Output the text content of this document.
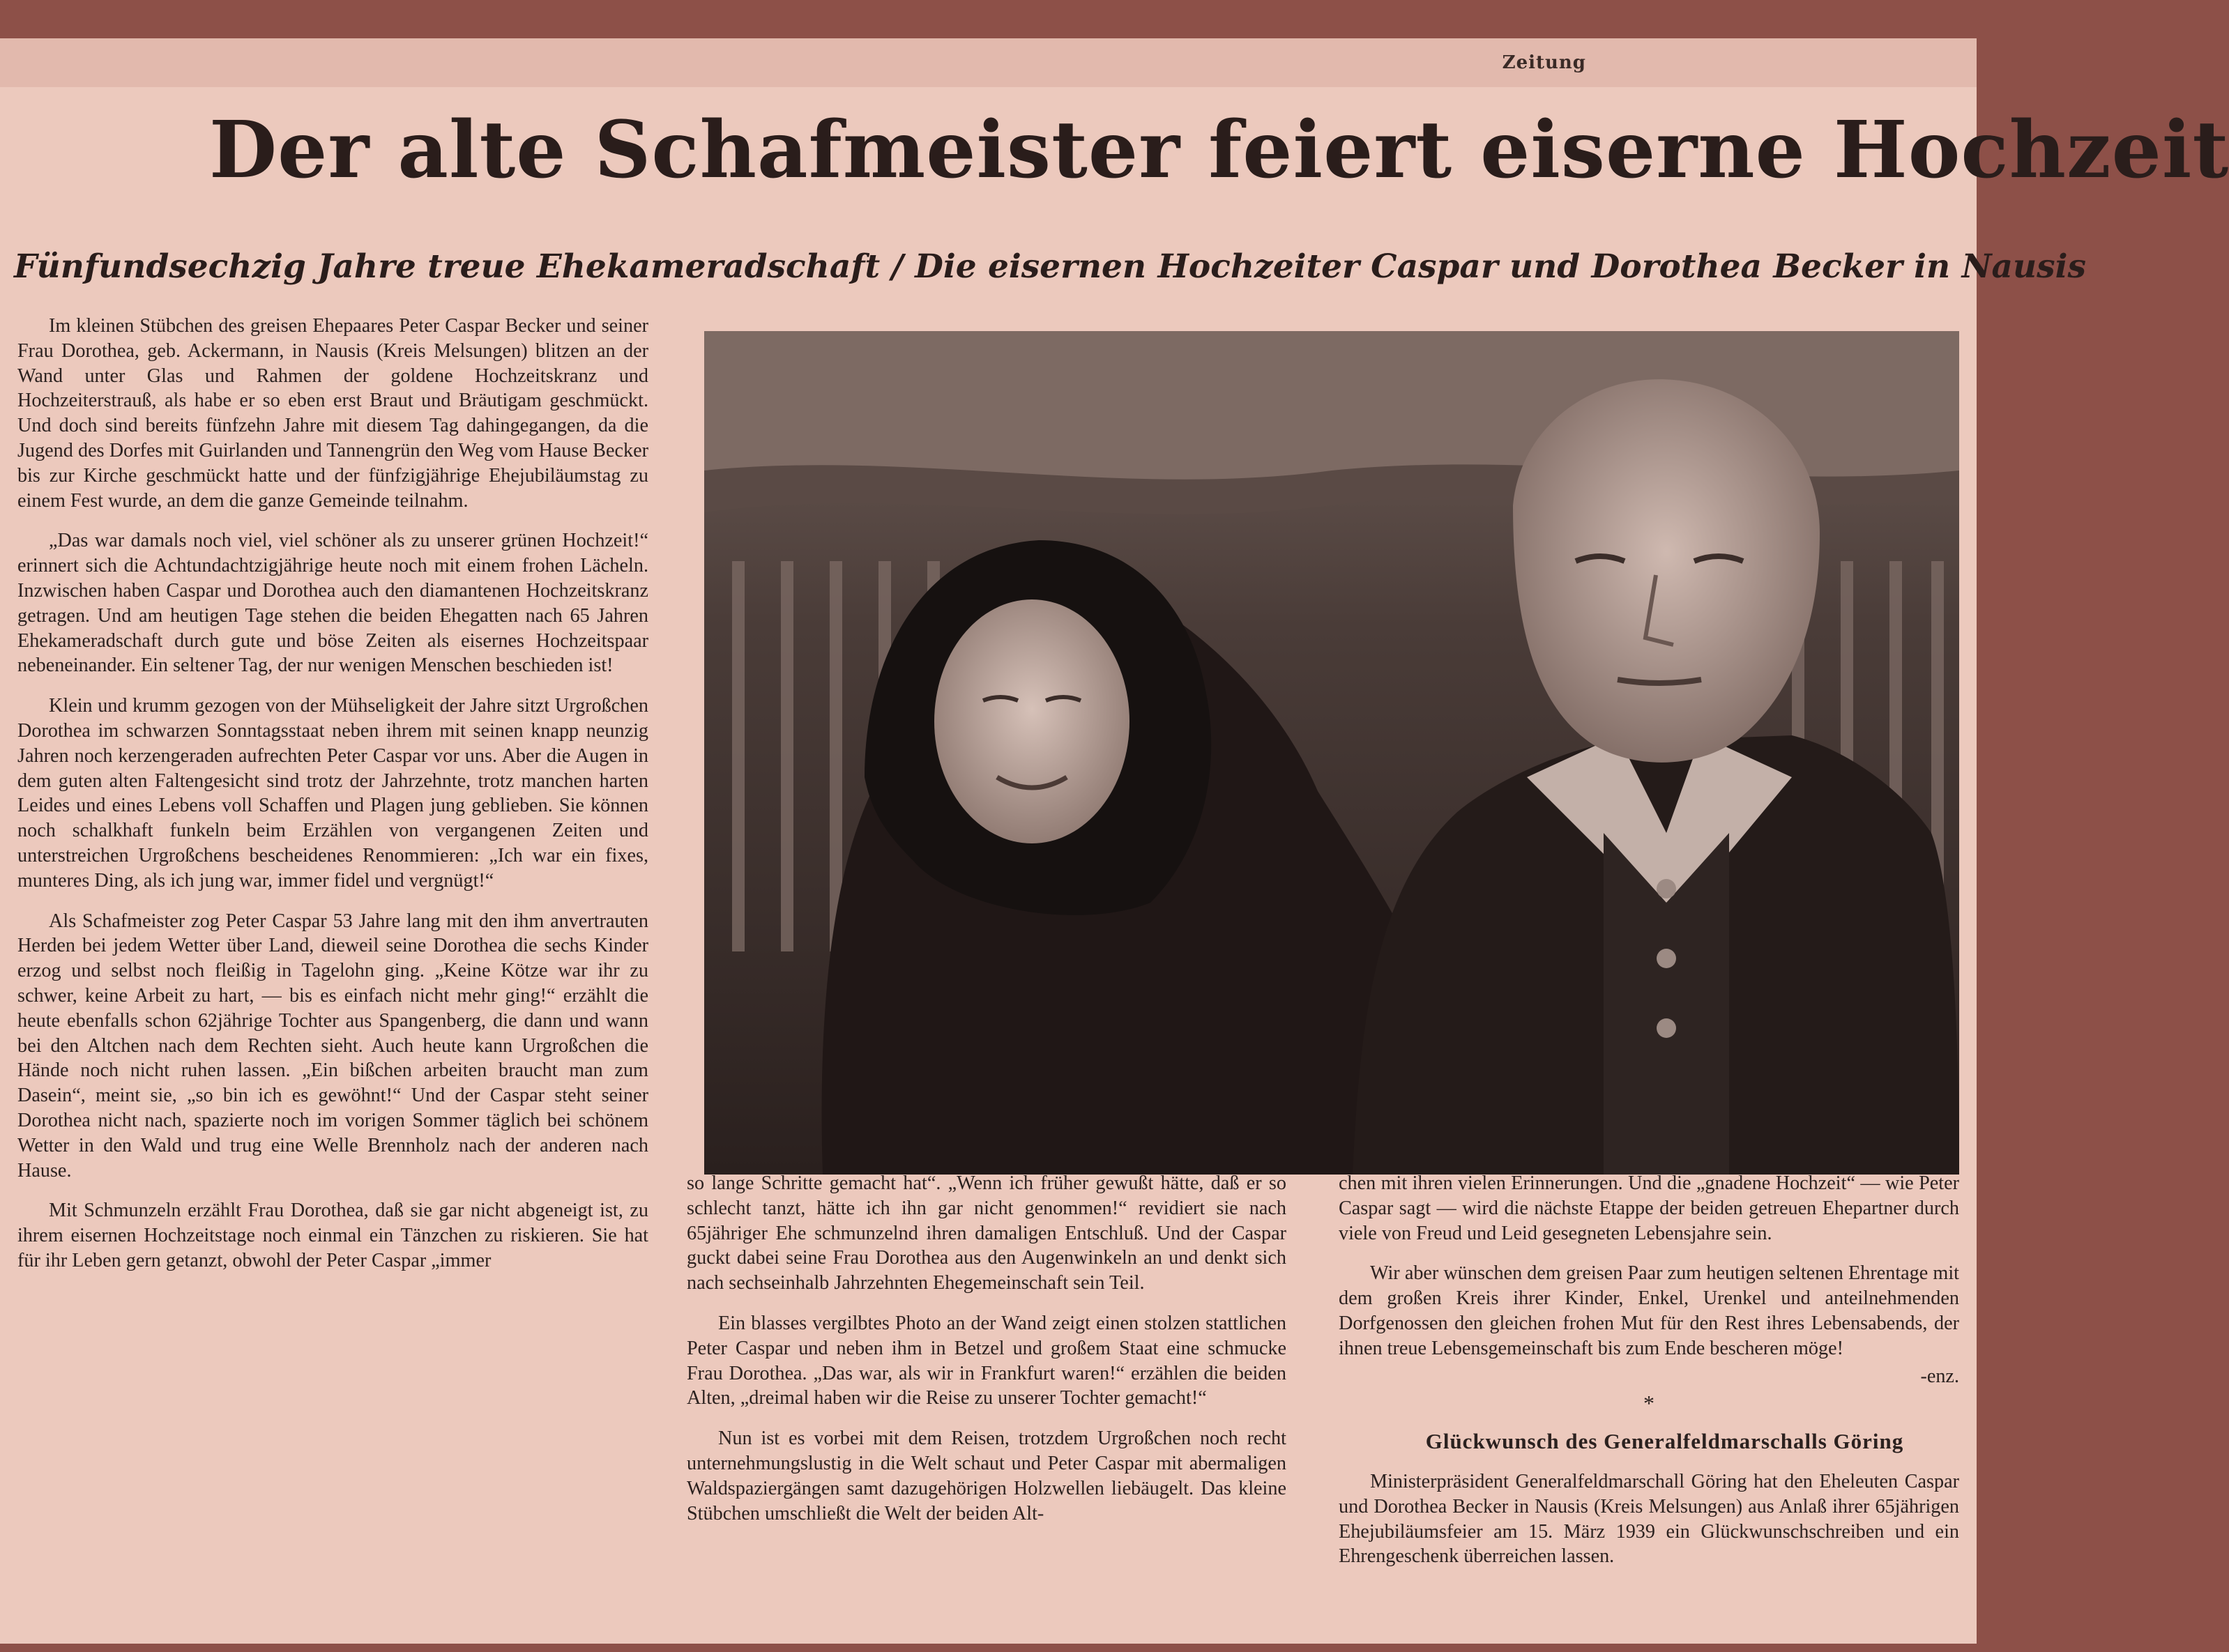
Zeitung
Der alte Schafmeister feiert eiserne Hochzeit
Fünfundsechzig Jahre treue Ehekameradschaft / Die eisernen Hochzeiter Caspar und Dorothea Becker in Nausis

Im kleinen Stübchen des greisen Ehepaares Peter Caspar Becker und seiner Frau Dorothea, geb. Ackermann, in Nausis (Kreis Melsungen) blitzen an der Wand unter Glas und Rahmen der goldene Hochzeitskranz und Hochzeiterstrauß, als habe er so eben erst Braut und Bräutigam geschmückt. Und doch sind bereits fünfzehn Jahre mit diesem Tag dahingegangen, da die Jugend des Dorfes mit Guirlanden und Tannengrün den Weg vom Hause Becker bis zur Kirche geschmückt hatte und der fünfzigjährige Ehejubiläumstag zu einem Fest wurde, an dem die ganze Gemeinde teilnahm.

„Das war damals noch viel, viel schöner als zu unserer grünen Hochzeit!“ erinnert sich die Achtundachtzigjährige heute noch mit einem frohen Lächeln. Inzwischen haben Caspar und Dorothea auch den diamantenen Hochzeitskranz getragen. Und am heutigen Tage stehen die beiden Ehegatten nach 65 Jahren Ehekameradschaft durch gute und böse Zeiten als eisernes Hochzeitspaar nebeneinander. Ein seltener Tag, der nur wenigen Menschen beschieden ist!

Klein und krumm gezogen von der Mühseligkeit der Jahre sitzt Urgroßchen Dorothea im schwarzen Sonntagsstaat neben ihrem mit seinen knapp neunzig Jahren noch kerzengeraden aufrechten Peter Caspar vor uns. Aber die Augen in dem guten alten Faltengesicht sind trotz der Jahrzehnte, trotz manchen harten Leides und eines Lebens voll Schaffen und Plagen jung geblieben. Sie können noch schalkhaft funkeln beim Erzählen von vergangenen Zeiten und unterstreichen Urgroßchens bescheidenes Renommieren: „Ich war ein fixes, munteres Ding, als ich jung war, immer fidel und vergnügt!“

Als Schafmeister zog Peter Caspar 53 Jahre lang mit den ihm anvertrauten Herden bei jedem Wetter über Land, dieweil seine Dorothea die sechs Kinder erzog und selbst noch fleißig in Tagelohn ging. „Keine Kötze war ihr zu schwer, keine Arbeit zu hart, — bis es einfach nicht mehr ging!“ erzählt die heute ebenfalls schon 62jährige Tochter aus Spangenberg, die dann und wann bei den Altchen nach dem Rechten sieht. Auch heute kann Urgroßchen die Hände noch nicht ruhen lassen. „Ein bißchen arbeiten braucht man zum Dasein“, meint sie, „so bin ich es gewöhnt!“ Und der Caspar steht seiner Dorothea nicht nach, spazierte noch im vorigen Sommer täglich bei schönem Wetter in den Wald und trug eine Welle Brennholz nach der anderen nach Hause.

Mit Schmunzeln erzählt Frau Dorothea, daß sie gar nicht abgeneigt ist, zu ihrem eisernen Hochzeitstage noch einmal ein Tänzchen zu riskieren. Sie hat für ihr Leben gern getanzt, obwohl der Peter Caspar „immer

so lange Schritte gemacht hat“. „Wenn ich früher gewußt hätte, daß er so schlecht tanzt, hätte ich ihn gar nicht genommen!“ revidiert sie nach 65jähriger Ehe schmunzelnd ihren damaligen Entschluß. Und der Caspar guckt dabei seine Frau Dorothea aus den Augenwinkeln an und denkt sich nach sechseinhalb Jahrzehnten Ehegemeinschaft sein Teil.

Ein blasses vergilbtes Photo an der Wand zeigt einen stolzen stattlichen Peter Caspar und neben ihm in Betzel und großem Staat eine schmucke Frau Dorothea. „Das war, als wir in Frankfurt waren!“ erzählen die beiden Alten, „dreimal haben wir die Reise zu unserer Tochter gemacht!“

Nun ist es vorbei mit dem Reisen, trotzdem Urgroßchen noch recht unternehmungslustig in die Welt schaut und Peter Caspar mit abermaligen Waldspaziergängen samt dazugehörigen Holzwellen liebäugelt. Das kleine Stübchen umschließt die Welt der beiden Alt-

chen mit ihren vielen Erinnerungen. Und die „gnadene Hochzeit“ — wie Peter Caspar sagt — wird die nächste Etappe der beiden getreuen Ehepartner durch viele von Freud und Leid gesegneten Lebensjahre sein.

Wir aber wünschen dem greisen Paar zum heutigen seltenen Ehrentage mit dem großen Kreis ihrer Kinder, Enkel, Urenkel und anteilnehmenden Dorfgenossen den gleichen frohen Mut für den Rest ihres Lebensabends, der ihnen treue Lebensgemeinschaft bis zum Ende bescheren möge!

-enz.
*

Glückwunsch des Generalfeldmarschalls Göring

Ministerpräsident Generalfeldmarschall Göring hat den Eheleuten Caspar und Dorothea Becker in Nausis (Kreis Melsungen) aus Anlaß ihrer 65jährigen Ehejubiläumsfeier am 15. März 1939 ein Glückwunschschreiben und ein Ehrengeschenk überreichen lassen.
